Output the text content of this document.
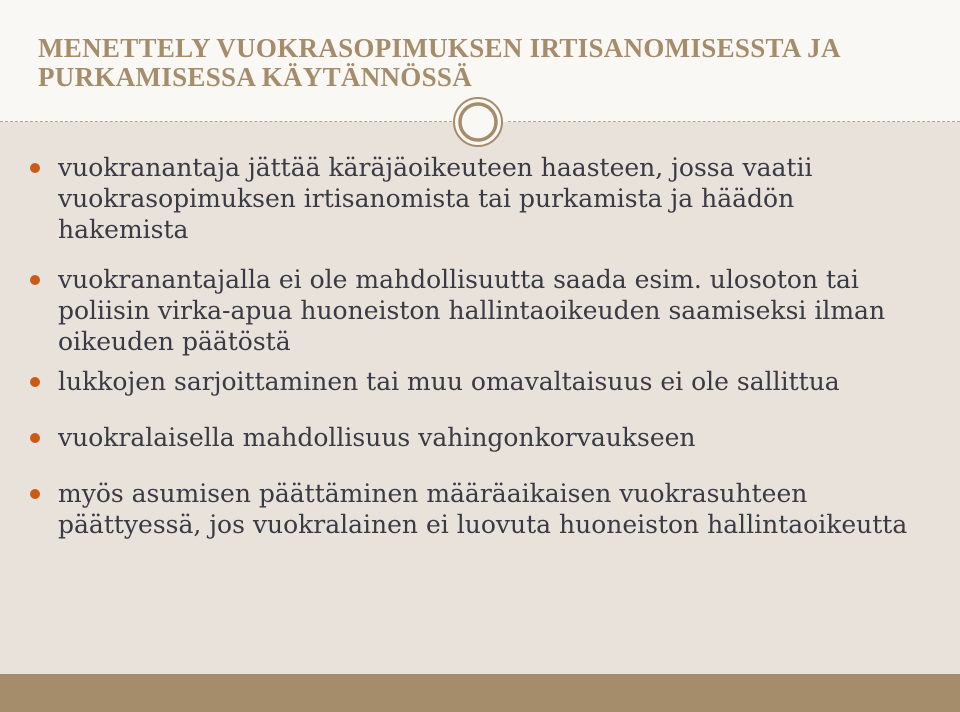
MENETTELY VUOKRASOPIMUKSEN IRTISANOMISESSTA JA PURKAMISESSA KÄYTÄNNÖSSÄ
vuokranantaja jättää käräjäoikeuteen haasteen, jossa vaatii vuokrasopimuksen irtisanomista tai purkamista ja häädön hakemista
vuokranantajalla ei ole mahdollisuutta saada esim. ulosoton tai poliisin virka-apua huoneiston hallintaoikeuden saamiseksi ilman oikeuden päätöstä
lukkojen sarjoittaminen tai muu omavaltaisuus ei ole sallittua
vuokralaisella mahdollisuus vahingonkorvaukseen
myös asumisen päättäminen määräaikaisen vuokrasuhteen päättyessä, jos vuokralainen ei luovuta huoneiston hallintaoikeutta
